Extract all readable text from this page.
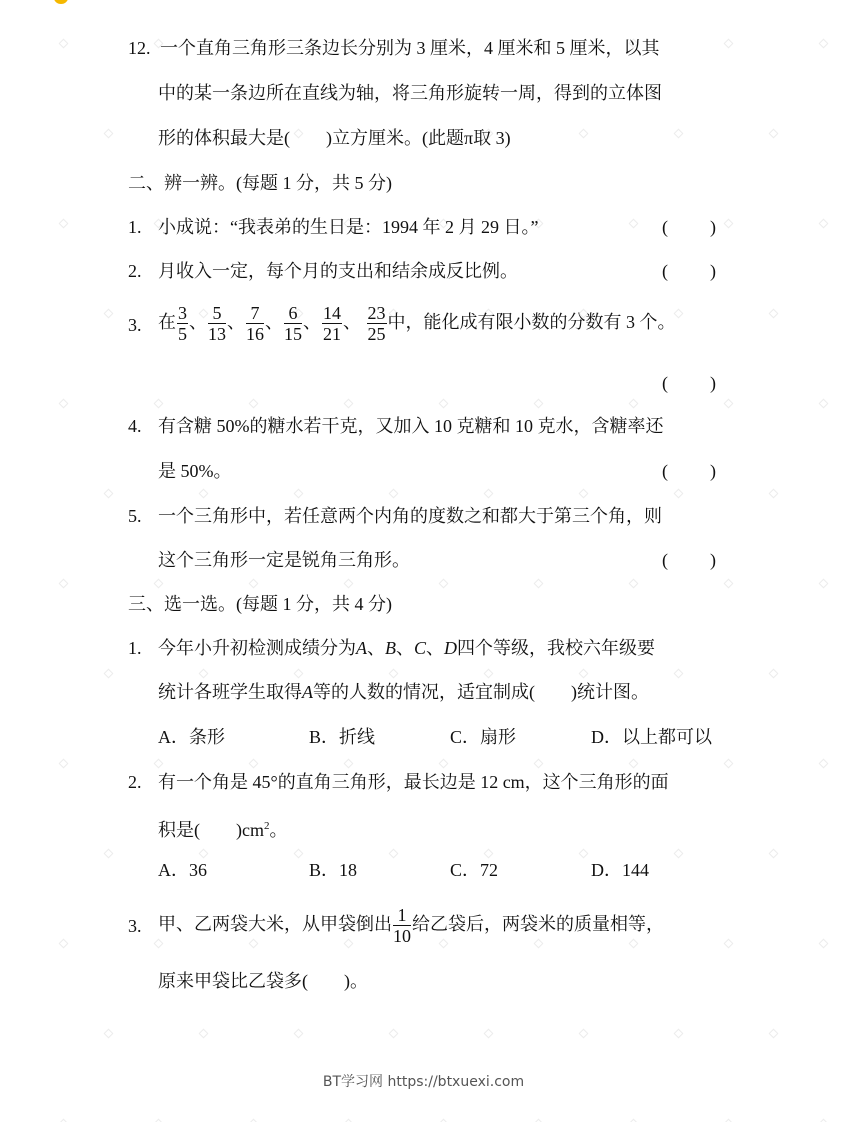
12. 一个直角三角形三条边长分别为 3 厘米，4 厘米和 5 厘米，以其
中的某一条边所在直线为轴，将三角形旋转一周，得到的立体图
形的体积最大是(　　)立方厘米。(此题π取 3)
二、辨一辨。(每题 1 分，共 5 分)
1. 小成说：“我表弟的生日是：1994 年 2 月 29 日。”	( )
2. 月收入一定，每个月的支出和结余成反比例。	( )
3. 在 $\frac{3}{5}$ 、 $\frac{5}{13}$ 、 $\frac{7}{16}$ 、 $\frac{6}{15}$ 、 $\frac{14}{21}$ 、 $\frac{23}{25}$ 中，能化成有限小数的分数有 3 个。
( )
4. 有含糖 50%的糖水若干克，又加入 10 克糖和 10 克水，含糖率还
是 50%。	( )
5. 一个三角形中，若任意两个内角的度数之和都大于第三个角，则
这个三角形一定是锐角三角形。	( )
三、选一选。(每题 1 分，共 4 分)
1. 今年小升初检测成绩分为A、B、C、D四个等级，我校六年级要
统计各班学生取得A等的人数的情况，适宜制成(　　)统计图。
A．条形	B．折线	C．扇形	D．以上都可以
2. 有一个角是 45°的直角三角形，最长边是 12 cm，这个三角形的面
积是(　　)$cm^2$。
A．36	B．18	C．72	D．144
3. 甲、乙两袋大米，从甲袋倒出 $\frac{1}{10}$ 给乙袋后，两袋米的质量相等，
原来甲袋比乙袋多(　　)。
BT学习网 https://btxuexi.com
